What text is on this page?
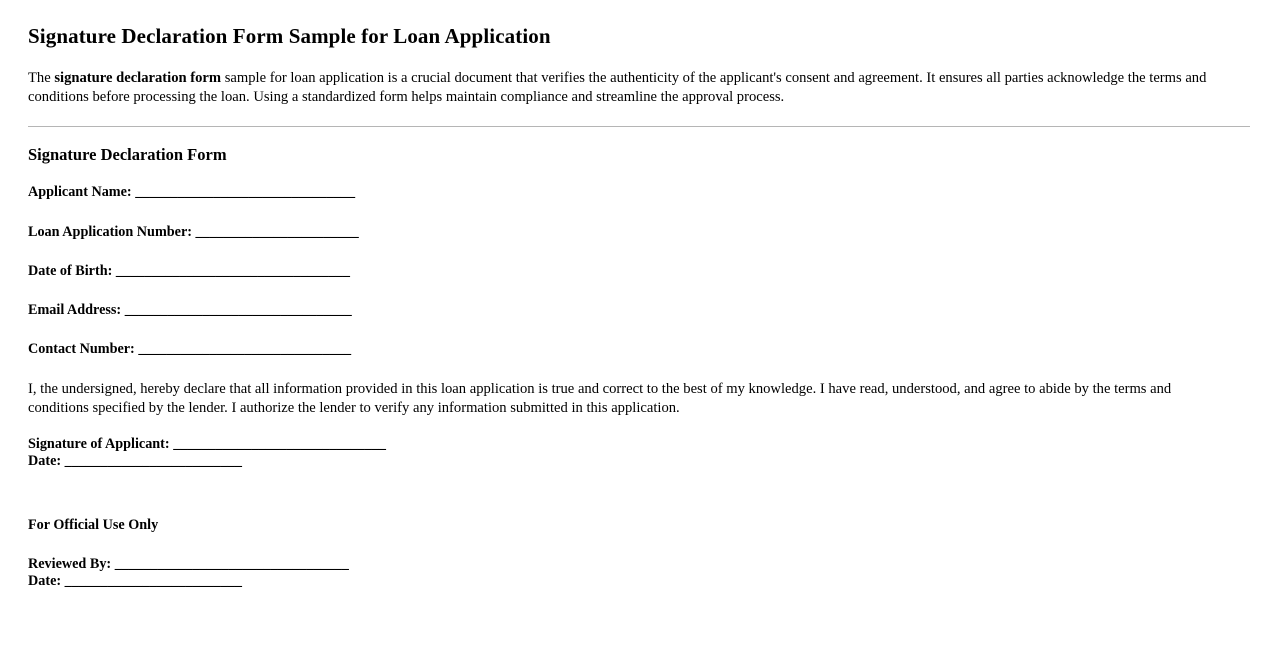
Signature Declaration Form Sample for Loan Application

The signature declaration form sample for loan application is a crucial document that verifies the authenticity of the applicant's consent and agreement. It ensures all parties acknowledge the terms and conditions before processing the loan. Using a standardized form helps maintain compliance and streamline the approval process.

Signature Declaration Form

Applicant Name: _______________________________

Loan Application Number: _______________________

Date of Birth: _________________________________

Email Address: ________________________________

Contact Number: ______________________________

I, the undersigned, hereby declare that all information provided in this loan application is true and correct to the best of my knowledge. I have read, understood, and agree to abide by the terms and conditions specified by the lender. I authorize the lender to verify any information submitted in this application.

Signature of Applicant: ______________________________
Date: _________________________

For Official Use Only

Reviewed By: _________________________________
Date: _________________________
